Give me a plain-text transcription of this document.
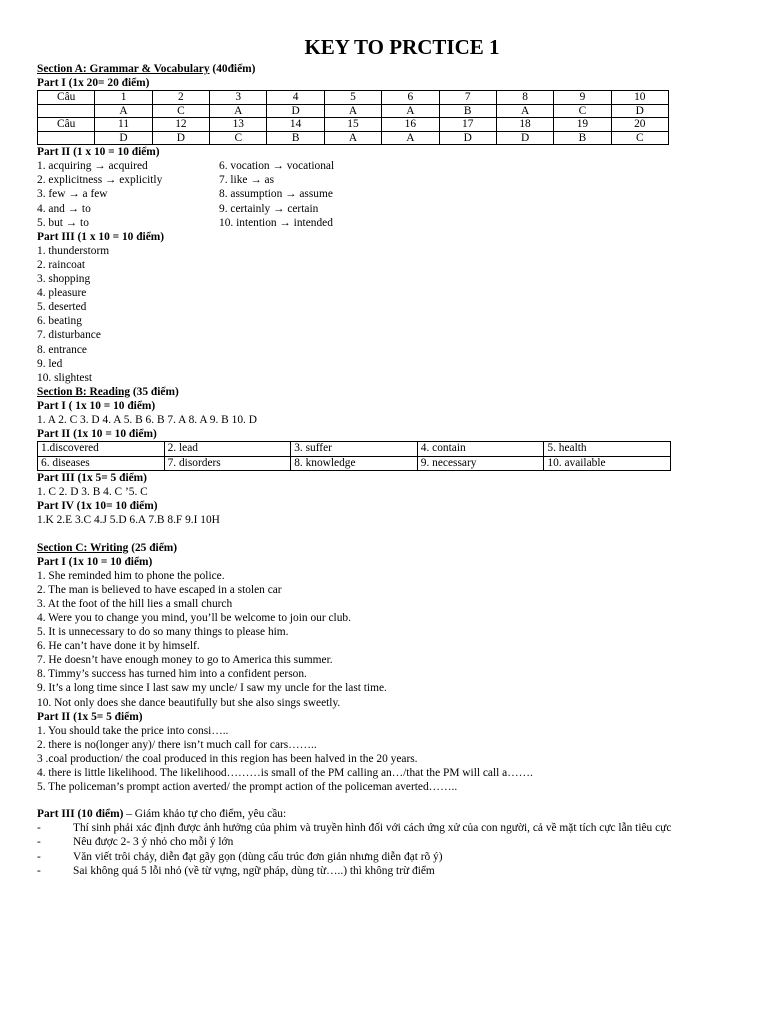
KEY TO PRCTICE 1
Section A: Grammar & Vocabulary (40điểm)
Part I (1x 20= 20 điểm)
Câu	1	2	3	4	5	6	7	8	9	10
	A	C	A	D	A	A	B	A	C	D
Câu	11	12	13	14	15	16	17	18	19	20
	D	D	C	B	A	A	D	D	B	C
Part II (1 x 10 = 10 điểm)
1. acquiring → acquired
2. explicitness → explicitly
3. few → a few
4. and → to
5. but → to
6. vocation → vocational
7. like → as
8. assumption → assume
9. certainly → certain
10. intention → intended
Part III (1 x 10 = 10 điểm)
1. thunderstorm
2. raincoat
3. shopping
4. pleasure
5. deserted
6. beating
7. disturbance
8. entrance
9. led
10. slightest
Section B: Reading (35 điểm)
Part I ( 1x 10 = 10 điểm)
1. A 2. C 3. D 4. A 5. B 6. B 7. A 8. A 9. B 10. D
Part II (1x 10 = 10 điểm)
1.discovered	2. lead	3. suffer	4. contain	5. health
6. diseases	7. disorders	8. knowledge	9. necessary	10. available
Part III (1x 5= 5 điểm)
1. C 2. D 3. B 4. C ’5. C
Part IV (1x 10= 10 điểm)
1.K 2.E 3.C 4.J 5.D 6.A 7.B 8.F 9.I 10H
Section C: Writing (25 điểm)
Part I (1x 10 = 10 điểm)
1. She reminded him to phone the police.
2. The man is believed to have escaped in a stolen car
3. At the foot of the hill lies a small church
4. Were you to change you mind, you’ll be welcome to join our club.
5. It is unnecessary to do so many things to please him.
6. He can’t have done it by himself.
7. He doesn’t have enough money to go to America this summer.
8. Timmy’s success has turned him into a confident person.
9. It’s a long time since I last saw my uncle/ I saw my uncle for the last time.
10. Not only does she dance beautifully but she also sings sweetly.
Part II (1x 5= 5 điểm)
1. You should take the price into consi…..
2. there is no(longer any)/ there isn’t much call for cars……..
3 .coal production/ the coal produced in this region has been halved in the 20 years.
4. there is little likelihood. The likelihood………is small of the PM calling an…/that the PM will call a…….
5. The policeman’s prompt action averted/ the prompt action of the policeman averted……..
Part III (10 điểm) – Giám khảo tự cho điểm, yêu cầu:
-	Thí sinh phải xác định được ảnh hưởng của phim và truyền hình đối với cách ứng xử của con người, cả về mặt tích cực lẫn tiêu cực
-	Nêu được 2- 3 ý nhỏ cho mỗi ý lớn
-	Văn viết trôi chảy, diễn đạt gãy gọn (dùng cấu trúc đơn giản nhưng diễn đạt rõ ý)
-	Sai không quá 5 lỗi nhỏ (về từ vựng, ngữ pháp, dùng từ…..) thì không trừ điểm
